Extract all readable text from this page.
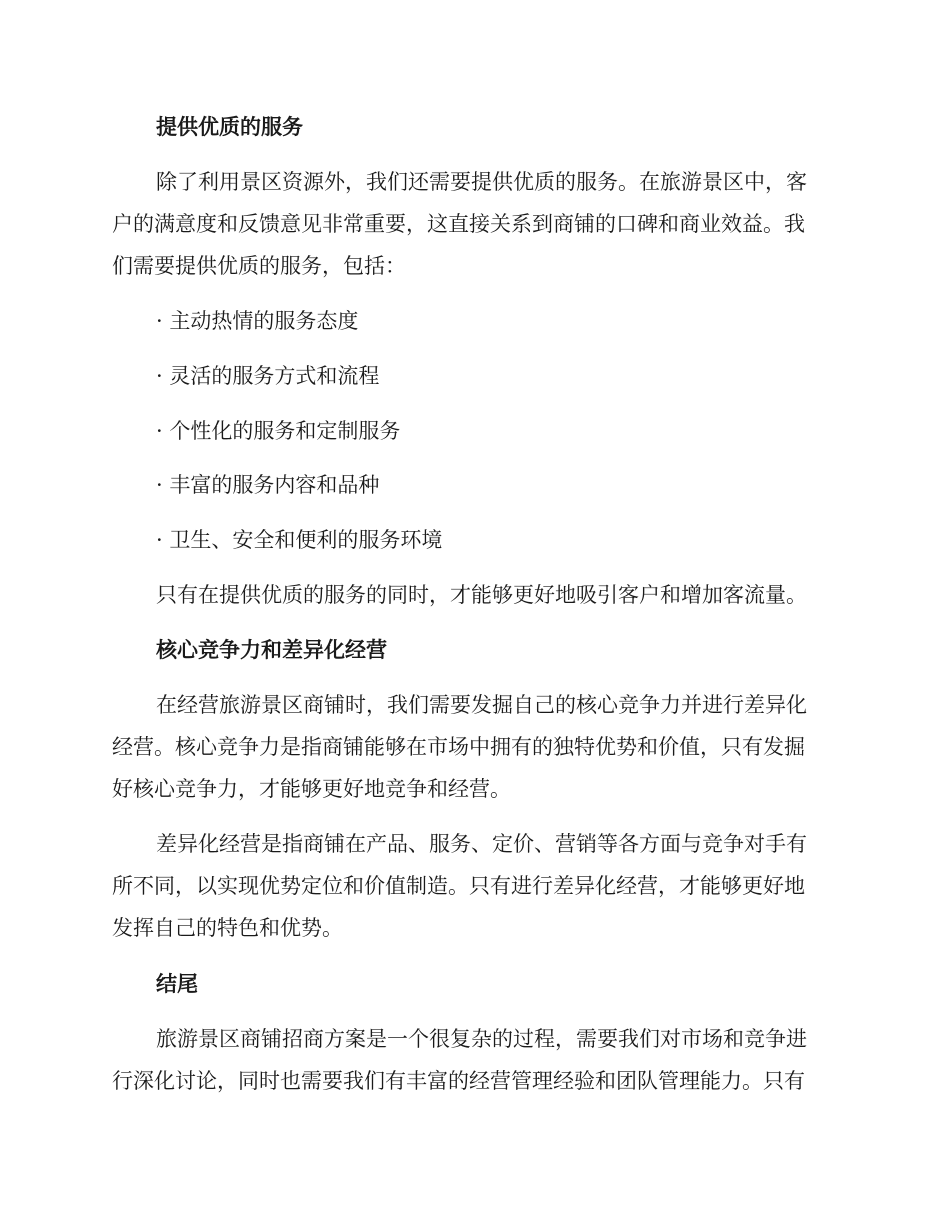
提供优质的服务
除了利用景区资源外，我们还需要提供优质的服务。在旅游景区中，客
户的满意度和反馈意见非常重要，这直接关系到商铺的口碑和商业效益。我
们需要提供优质的服务，包括：
· 主动热情的服务态度
· 灵活的服务方式和流程
· 个性化的服务和定制服务
· 丰富的服务内容和品种
· 卫生、安全和便利的服务环境
只有在提供优质的服务的同时，才能够更好地吸引客户和增加客流量。
核心竞争力和差异化经营
在经营旅游景区商铺时，我们需要发掘自己的核心竞争力并进行差异化
经营。核心竞争力是指商铺能够在市场中拥有的独特优势和价值，只有发掘
好核心竞争力，才能够更好地竞争和经营。
差异化经营是指商铺在产品、服务、定价、营销等各方面与竞争对手有
所不同，以实现优势定位和价值制造。只有进行差异化经营，才能够更好地
发挥自己的特色和优势。
结尾
旅游景区商铺招商方案是一个很复杂的过程，需要我们对市场和竞争进
行深化讨论，同时也需要我们有丰富的经营管理经验和团队管理能力。只有
